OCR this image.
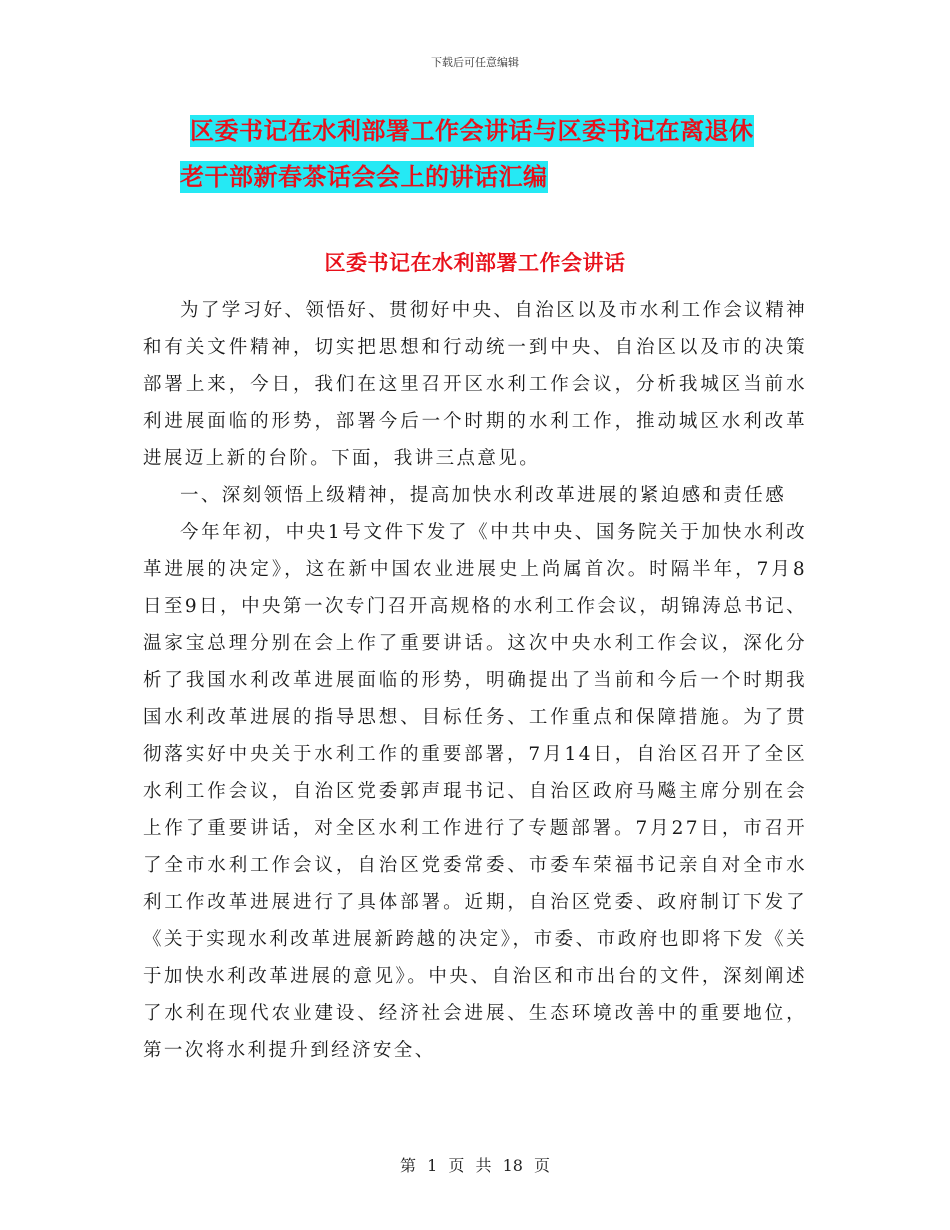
下载后可任意编辑
区委书记在水利部署工作会讲话与区委书记在离退休
老干部新春茶话会会上的讲话汇编
区委书记在水利部署工作会讲话

为了学习好、领悟好、贯彻好中央、自治区以及市水利工作会议精神和有关文件精神，切实把思想和行动统一到中央、自治区以及市的决策部署上来，今日，我们在这里召开区水利工作会议，分析我城区当前水利进展面临的形势，部署今后一个时期的水利工作，推动城区水利改革进展迈上新的台阶。下面，我讲三点意见。

一、深刻领悟上级精神，提高加快水利改革进展的紧迫感和责任感

今年年初，中央1号文件下发了《中共中央、国务院关于加快水利改革进展的决定》，这在新中国农业进展史上尚属首次。时隔半年，7月8日至9日，中央第一次专门召开高规格的水利工作会议，胡锦涛总书记、温家宝总理分别在会上作了重要讲话。这次中央水利工作会议，深化分析了我国水利改革进展面临的形势，明确提出了当前和今后一个时期我国水利改革进展的指导思想、目标任务、工作重点和保障措施。为了贯彻落实好中央关于水利工作的重要部署，7月14日，自治区召开了全区水利工作会议，自治区党委郭声琨书记、自治区政府马飚主席分别在会上作了重要讲话，对全区水利工作进行了专题部署。7月27日，市召开了全市水利工作会议，自治区党委常委、市委车荣福书记亲自对全市水利工作改革进展进行了具体部署。近期，自治区党委、政府制订下发了《关于实现水利改革进展新跨越的决定》，市委、市政府也即将下发《关于加快水利改革进展的意见》。中央、自治区和市出台的文件，深刻阐述了水利在现代农业建设、经济社会进展、生态环境改善中的重要地位，第一次将水利提升到经济安全、

第 1 页 共 18 页
